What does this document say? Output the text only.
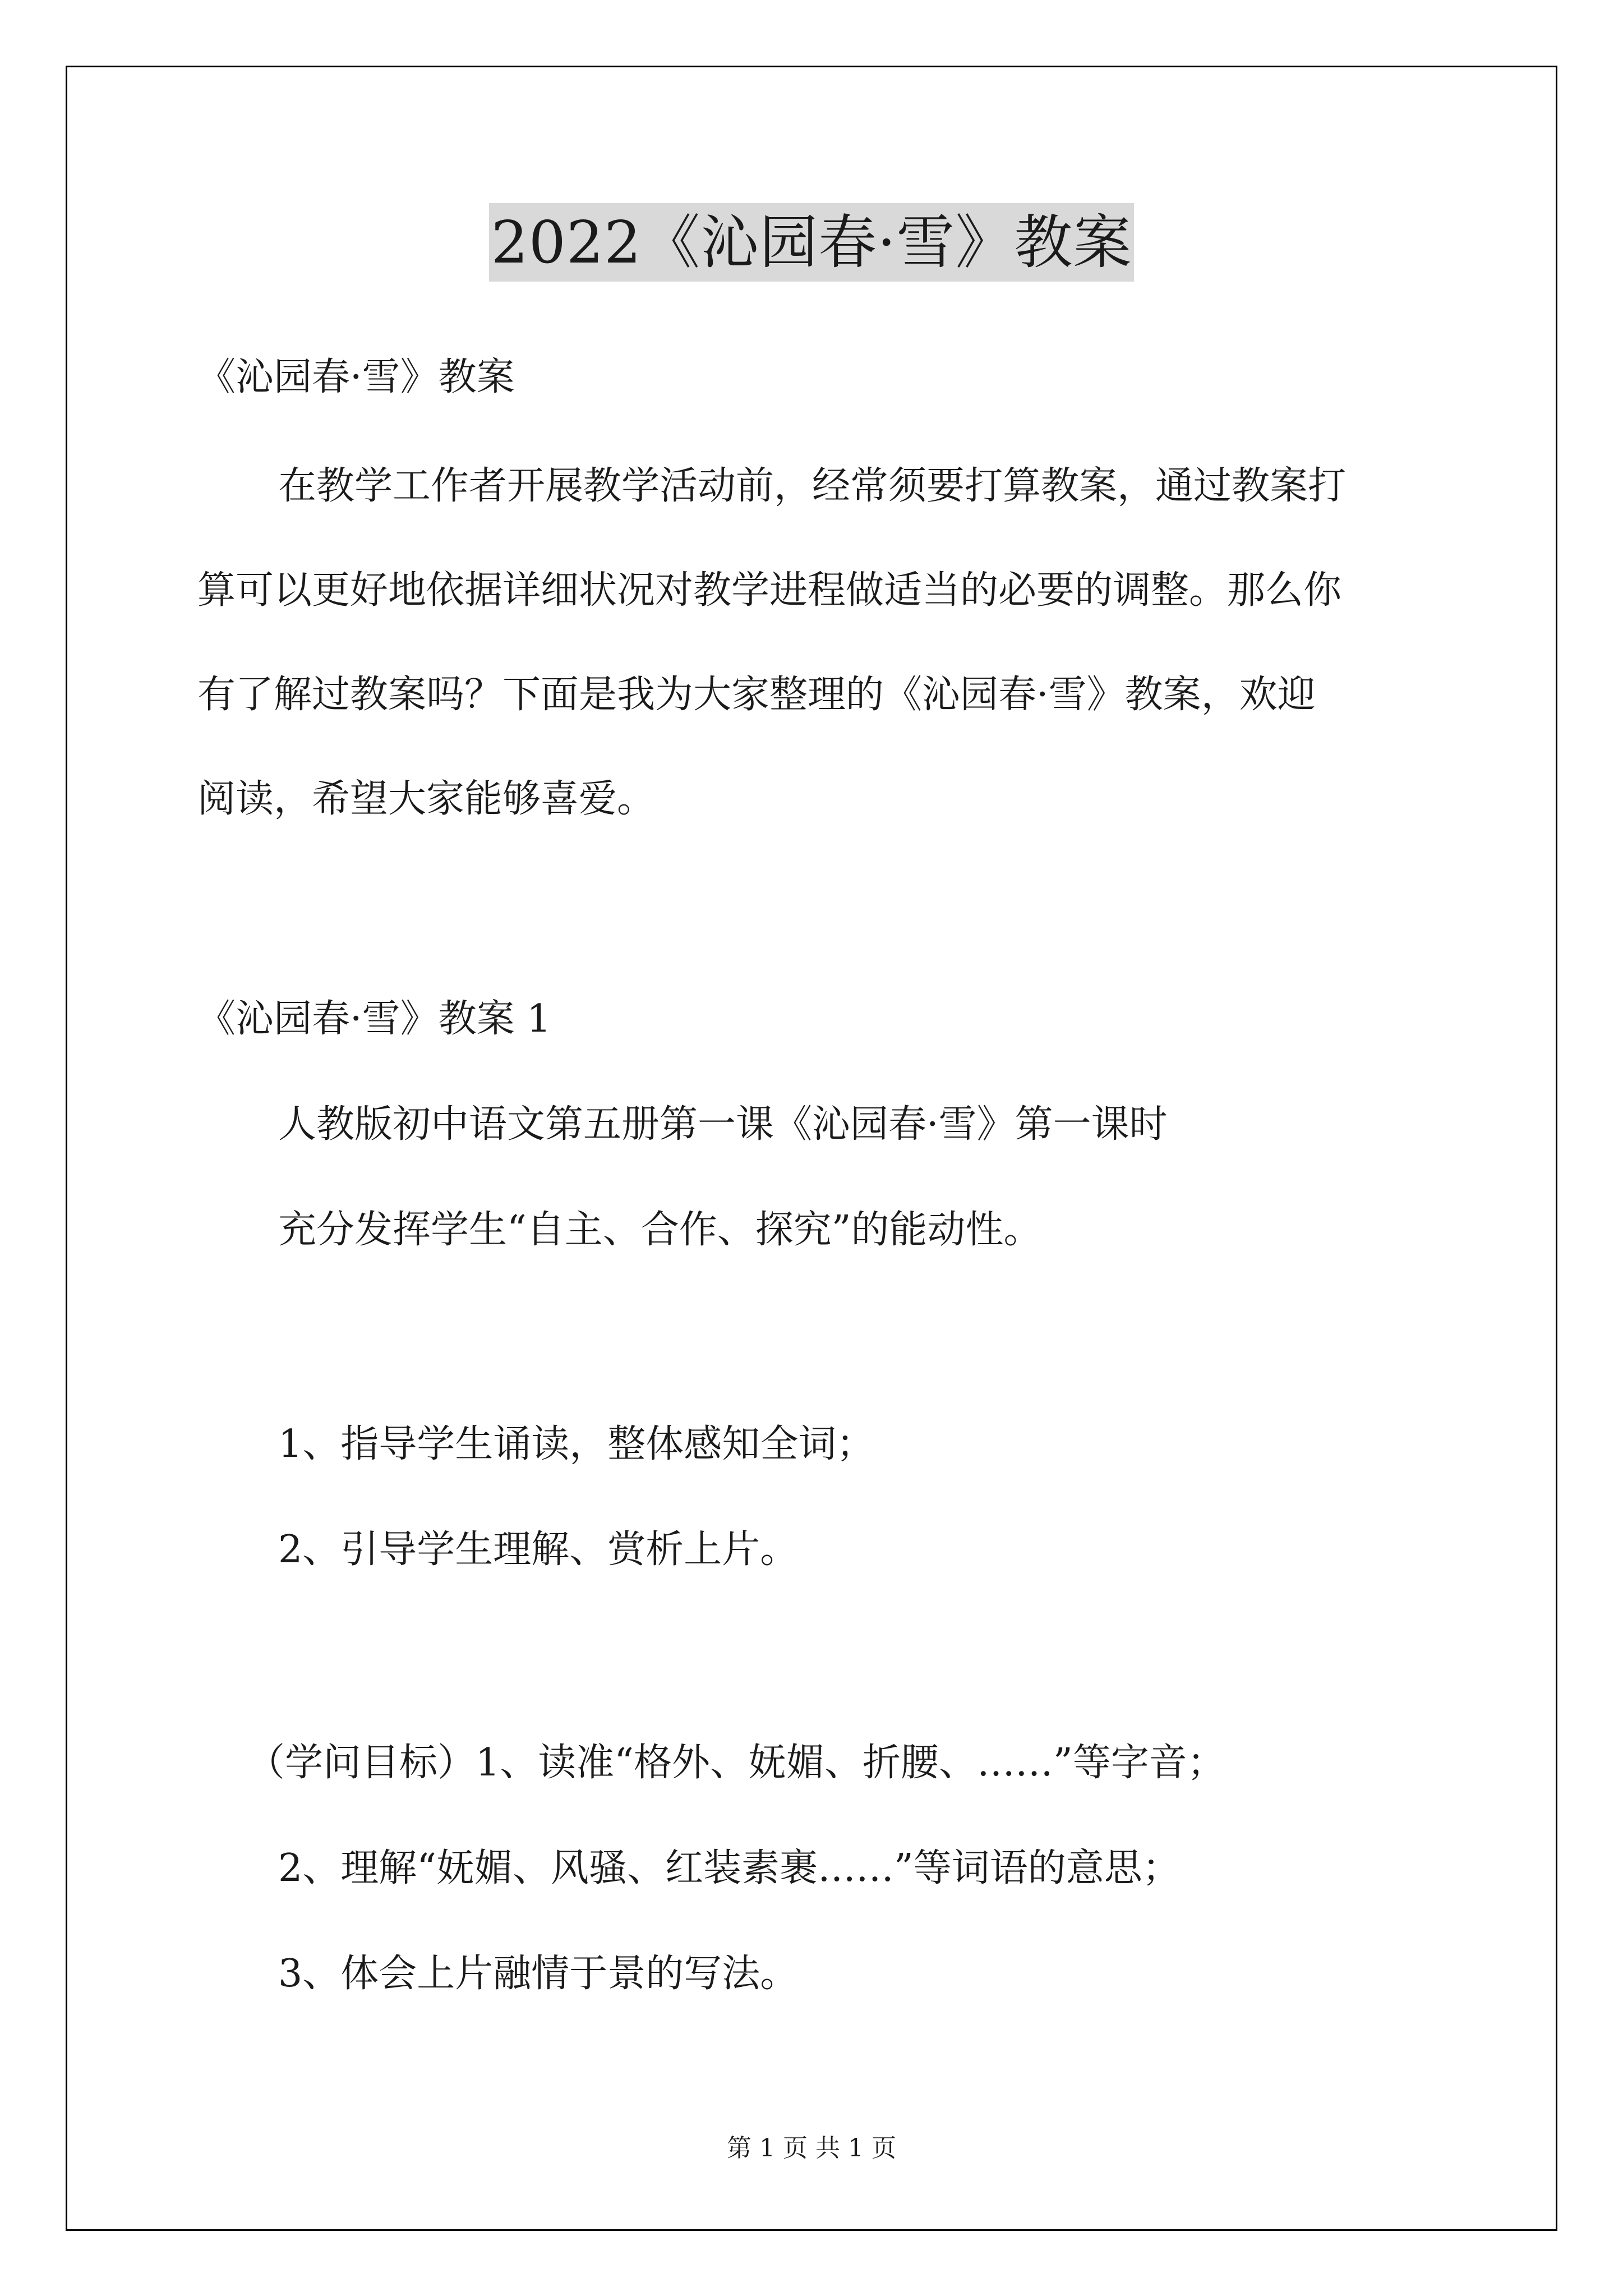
2022《沁园春·雪》教案
《沁园春·雪》教案
在教学工作者开展教学活动前，经常须要打算教案，通过教案打
算可以更好地依据详细状况对教学进程做适当的必要的调整。那么你
有了解过教案吗？下面是我为大家整理的《沁园春·雪》教案，欢迎
阅读，希望大家能够喜爱。
《沁园春·雪》教案 1
人教版初中语文第五册第一课《沁园春·雪》第一课时
充分发挥学生“自主、合作、探究”的能动性。
1、指导学生诵读，整体感知全词；
2、引导学生理解、赏析上片。
（学问目标）1、读准“格外、妩媚、折腰、……”等字音；
2、理解“妩媚、风骚、红装素裹……”等词语的意思；
3、体会上片融情于景的写法。
第 1 页 共 1 页
